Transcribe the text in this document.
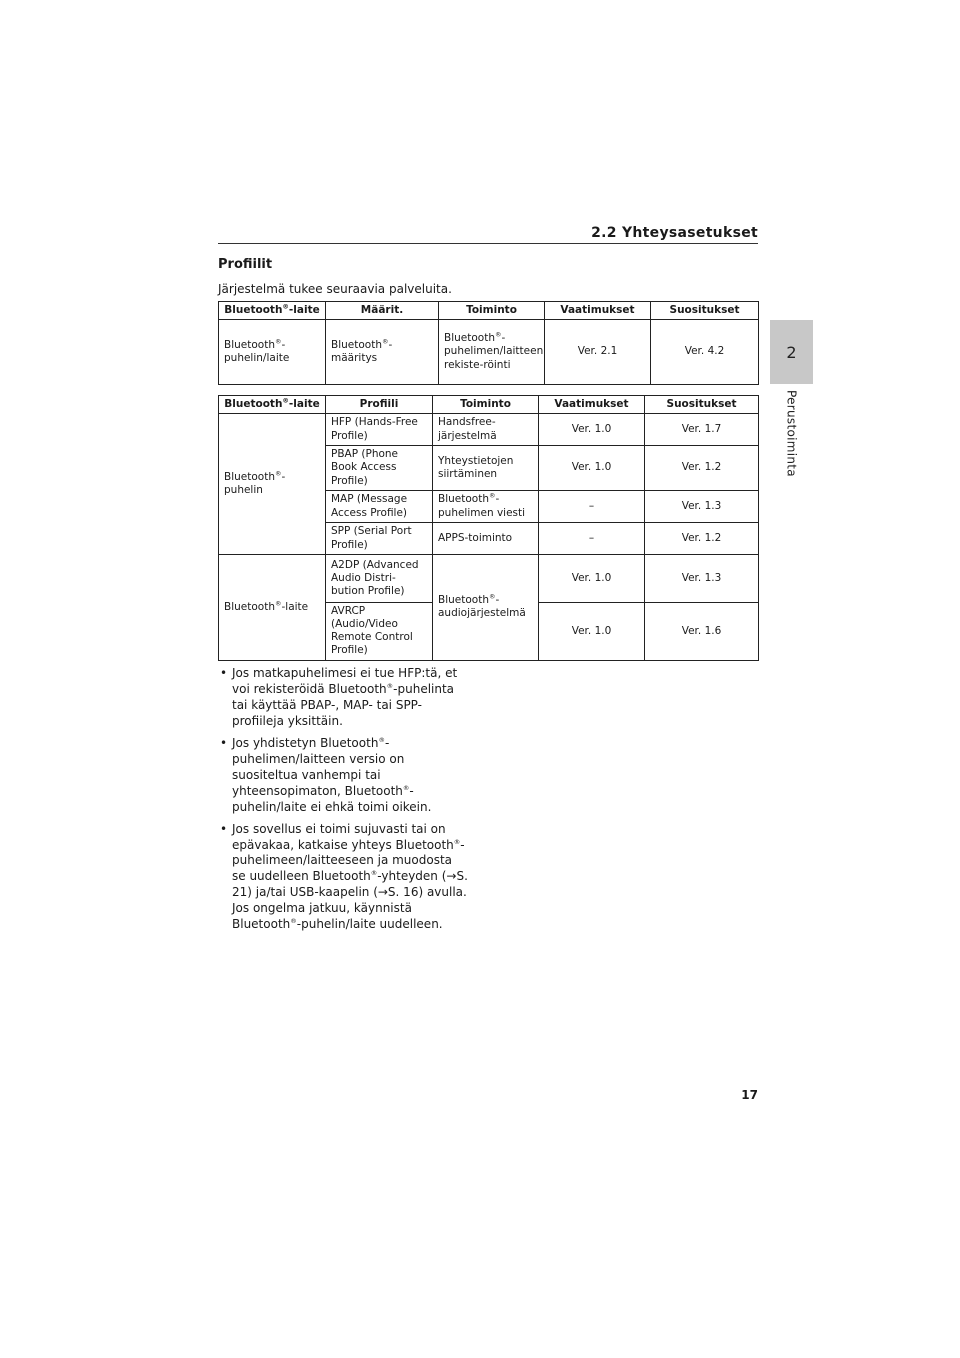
2.2 Yhteysasetukset
2
Perustoiminta
Profiilit
Järjestelmä tukee seuraavia palveluita.
Bluetooth®-laite	Määrit.	Toiminto	Vaatimukset	Suositukset
Bluetooth®-puhelin/laite	Bluetooth®-määritys	Bluetooth®-puhelimen/laitteen rekiste-röinti	Ver. 2.1	Ver. 4.2
Bluetooth®-laite	Profiili	Toiminto	Vaatimukset	Suositukset
Bluetooth®-puhelin	HFP (Hands-Free Profile)	Handsfree-järjestelmä	Ver. 1.0	Ver. 1.7
	PBAP (Phone Book Access Profile)	Yhteystietojen siirtäminen	Ver. 1.0	Ver. 1.2
	MAP (Message Access Profile)	Bluetooth®-puhelimen viesti	–	Ver. 1.3
	SPP (Serial Port Profile)	APPS-toiminto	–	Ver. 1.2
Bluetooth®-laite	A2DP (Advanced Audio Distri-bution Profile)	Bluetooth®-audiojärjestelmä	Ver. 1.0	Ver. 1.3
	AVRCP (Audio/Video Remote Control Profile)		Ver. 1.0	Ver. 1.6
• Jos matkapuhelimesi ei tue HFP:tä, et voi rekisteröidä Bluetooth®-puhelinta tai käyttää PBAP-, MAP- tai SPP-profiileja yksittäin.
• Jos yhdistetyn Bluetooth®-puhelimen/laitteen versio on suositeltua vanhempi tai yhteensopimaton, Bluetooth®-puhelin/laite ei ehkä toimi oikein.
• Jos sovellus ei toimi sujuvasti tai on epävakaa, katkaise yhteys Bluetooth®-puhelimeen/laitteeseen ja muodosta se uudelleen Bluetooth®-yhteyden (→S. 21) ja/tai USB-kaapelin (→S. 16) avulla. Jos ongelma jatkuu, käynnistä Bluetooth®-puhelin/laite uudelleen.
17
